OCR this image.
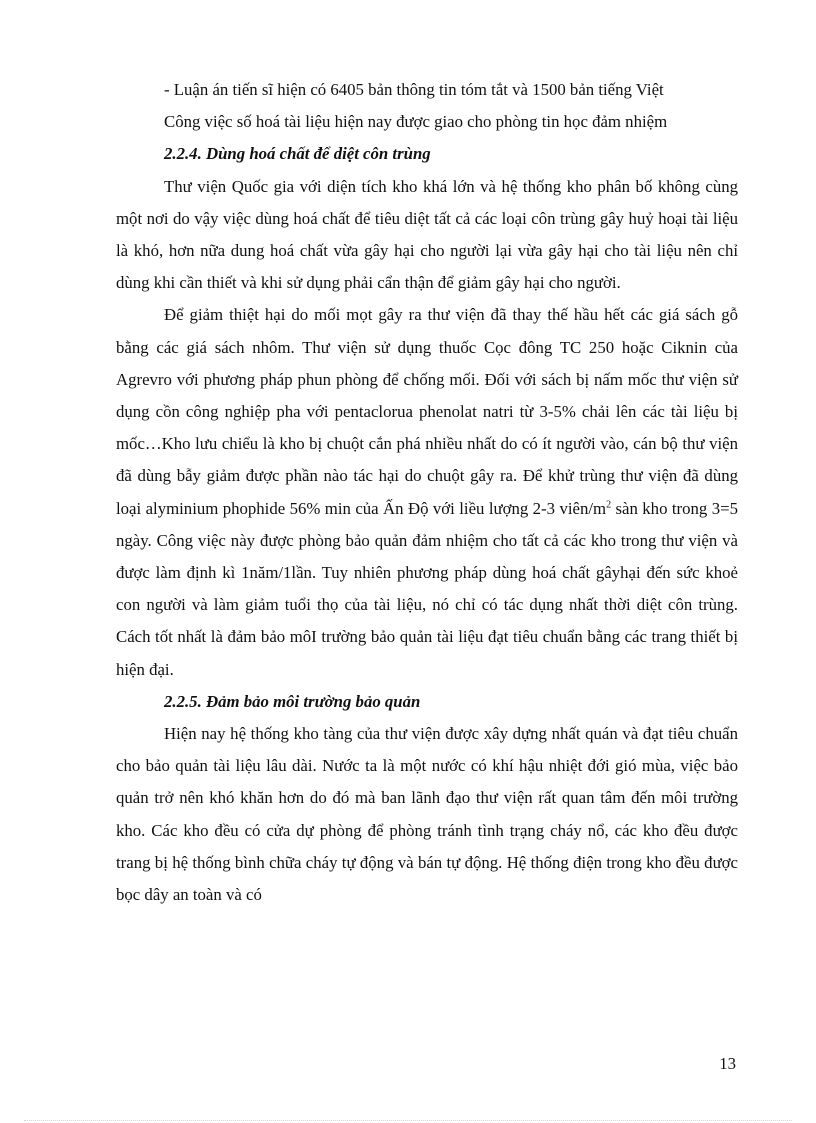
- Luận án tiến sĩ hiện có 6405 bản thông tin tóm tắt và 1500 bản tiếng Việt

Công việc số hoá tài liệu hiện nay được giao cho phòng tin học đảm nhiệm

2.2.4. Dùng hoá chất để diệt côn trùng

Thư viện Quốc gia với diện tích kho khá lớn và hệ thống kho phân bố không cùng một nơi do vậy việc dùng hoá chất để tiêu diệt tất cả các loại côn trùng gây huỷ hoại tài liệu là khó, hơn nữa dung hoá chất vừa gây hại cho người lại vừa gây hại cho tài liệu nên chỉ dùng khi cần thiết và khi sử dụng phải cẩn thận để giảm gây hại cho người.

Để giảm thiệt hại do mối mọt gây ra thư viện đã thay thế hầu hết các giá sách gỗ bằng các giá sách nhôm. Thư viện sử dụng thuốc Cọc đông TC 250 hoặc Ciknin của Agrevro với phương pháp phun phòng để chống mối. Đối với sách bị nấm mốc thư viện sử dụng cồn công nghiệp pha với pentaclorua phenolat natri từ 3-5% chải lên các tài liệu bị mốc…Kho lưu chiểu là kho bị chuột cắn phá nhiều nhất do có ít người vào, cán bộ thư viện đã dùng bẫy giảm được phần nào tác hại do chuột gây ra. Để khử trùng thư viện đã dùng loại alyminium phophide 56% min của Ấn Độ với liều lượng 2-3 viên/$m^2$ sàn kho trong 3=5 ngày. Công việc này được phòng bảo quản đảm nhiệm cho tất cả các kho trong thư viện và được làm định kì 1năm/1lần. Tuy nhiên phương pháp dùng hoá chất gâyhại đến sức khoẻ con người và làm giảm tuổi thọ của tài liệu, nó chỉ có tác dụng nhất thời diệt côn trùng. Cách tốt nhất là đảm bảo môI trường bảo quản tài liệu đạt tiêu chuẩn bằng các trang thiết bị hiện đại.

2.2.5. Đảm bảo môi trường bảo quản

Hiện nay hệ thống kho tàng của thư viện được xây dựng nhất quán và đạt tiêu chuẩn cho bảo quản tài liệu lâu dài. Nước ta là một nước có khí hậu nhiệt đới gió mùa, việc bảo quản trở nên khó khăn hơn do đó mà ban lãnh đạo thư viện rất quan tâm đến môi trường kho. Các kho đều có cửa dự phòng để phòng tránh tình trạng cháy nổ, các kho đều được trang bị hệ thống bình chữa cháy tự động và bán tự động. Hệ thống điện trong kho đều được bọc dây an toàn và có

13
